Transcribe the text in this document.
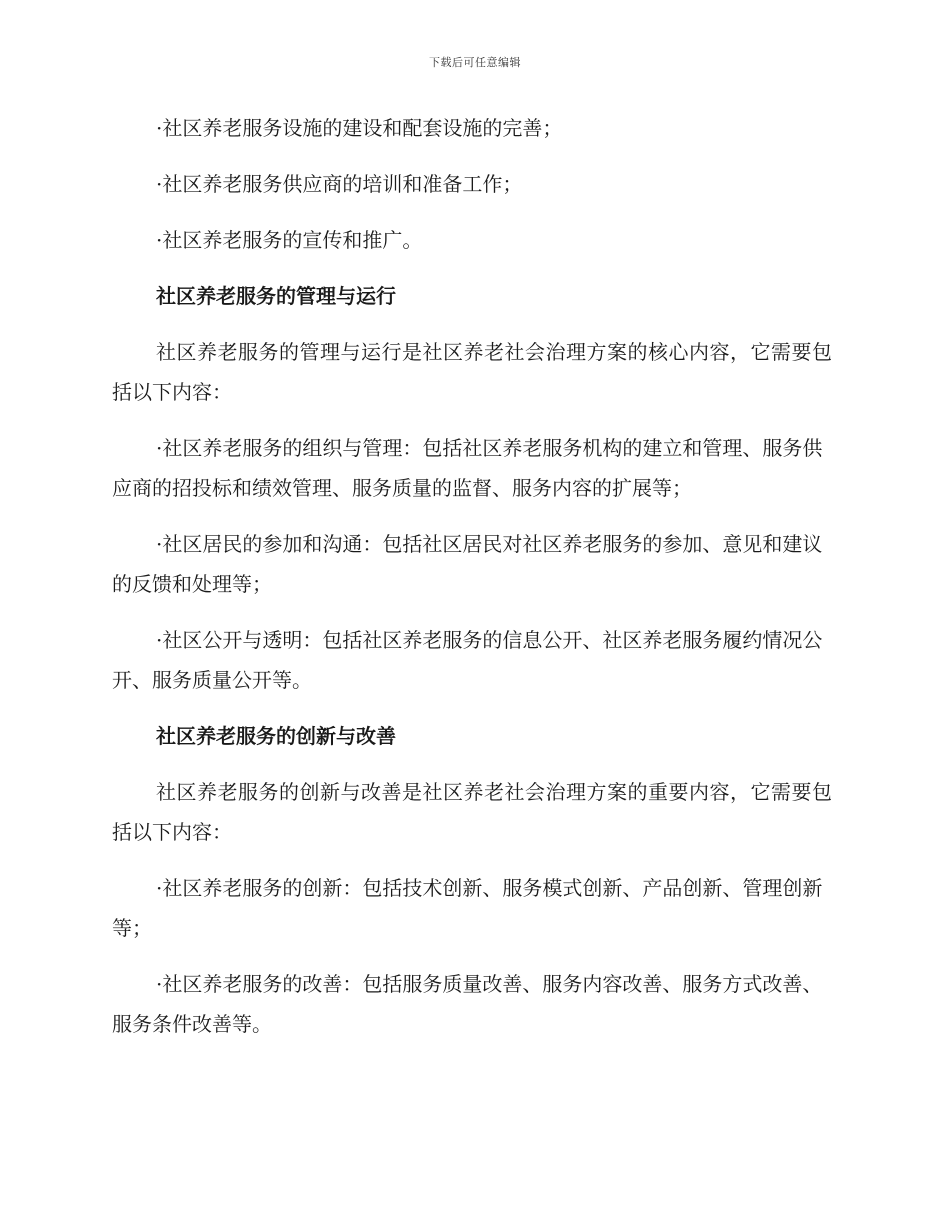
下载后可任意编辑

·社区养老服务设施的建设和配套设施的完善；

·社区养老服务供应商的培训和准备工作；

·社区养老服务的宣传和推广。

社区养老服务的管理与运行

社区养老服务的管理与运行是社区养老社会治理方案的核心内容，它需要包括以下内容：

·社区养老服务的组织与管理：包括社区养老服务机构的建立和管理、服务供应商的招投标和绩效管理、服务质量的监督、服务内容的扩展等；

·社区居民的参加和沟通：包括社区居民对社区养老服务的参加、意见和建议的反馈和处理等；

·社区公开与透明：包括社区养老服务的信息公开、社区养老服务履约情况公开、服务质量公开等。

社区养老服务的创新与改善

社区养老服务的创新与改善是社区养老社会治理方案的重要内容，它需要包括以下内容：

·社区养老服务的创新：包括技术创新、服务模式创新、产品创新、管理创新等；

·社区养老服务的改善：包括服务质量改善、服务内容改善、服务方式改善、服务条件改善等。
